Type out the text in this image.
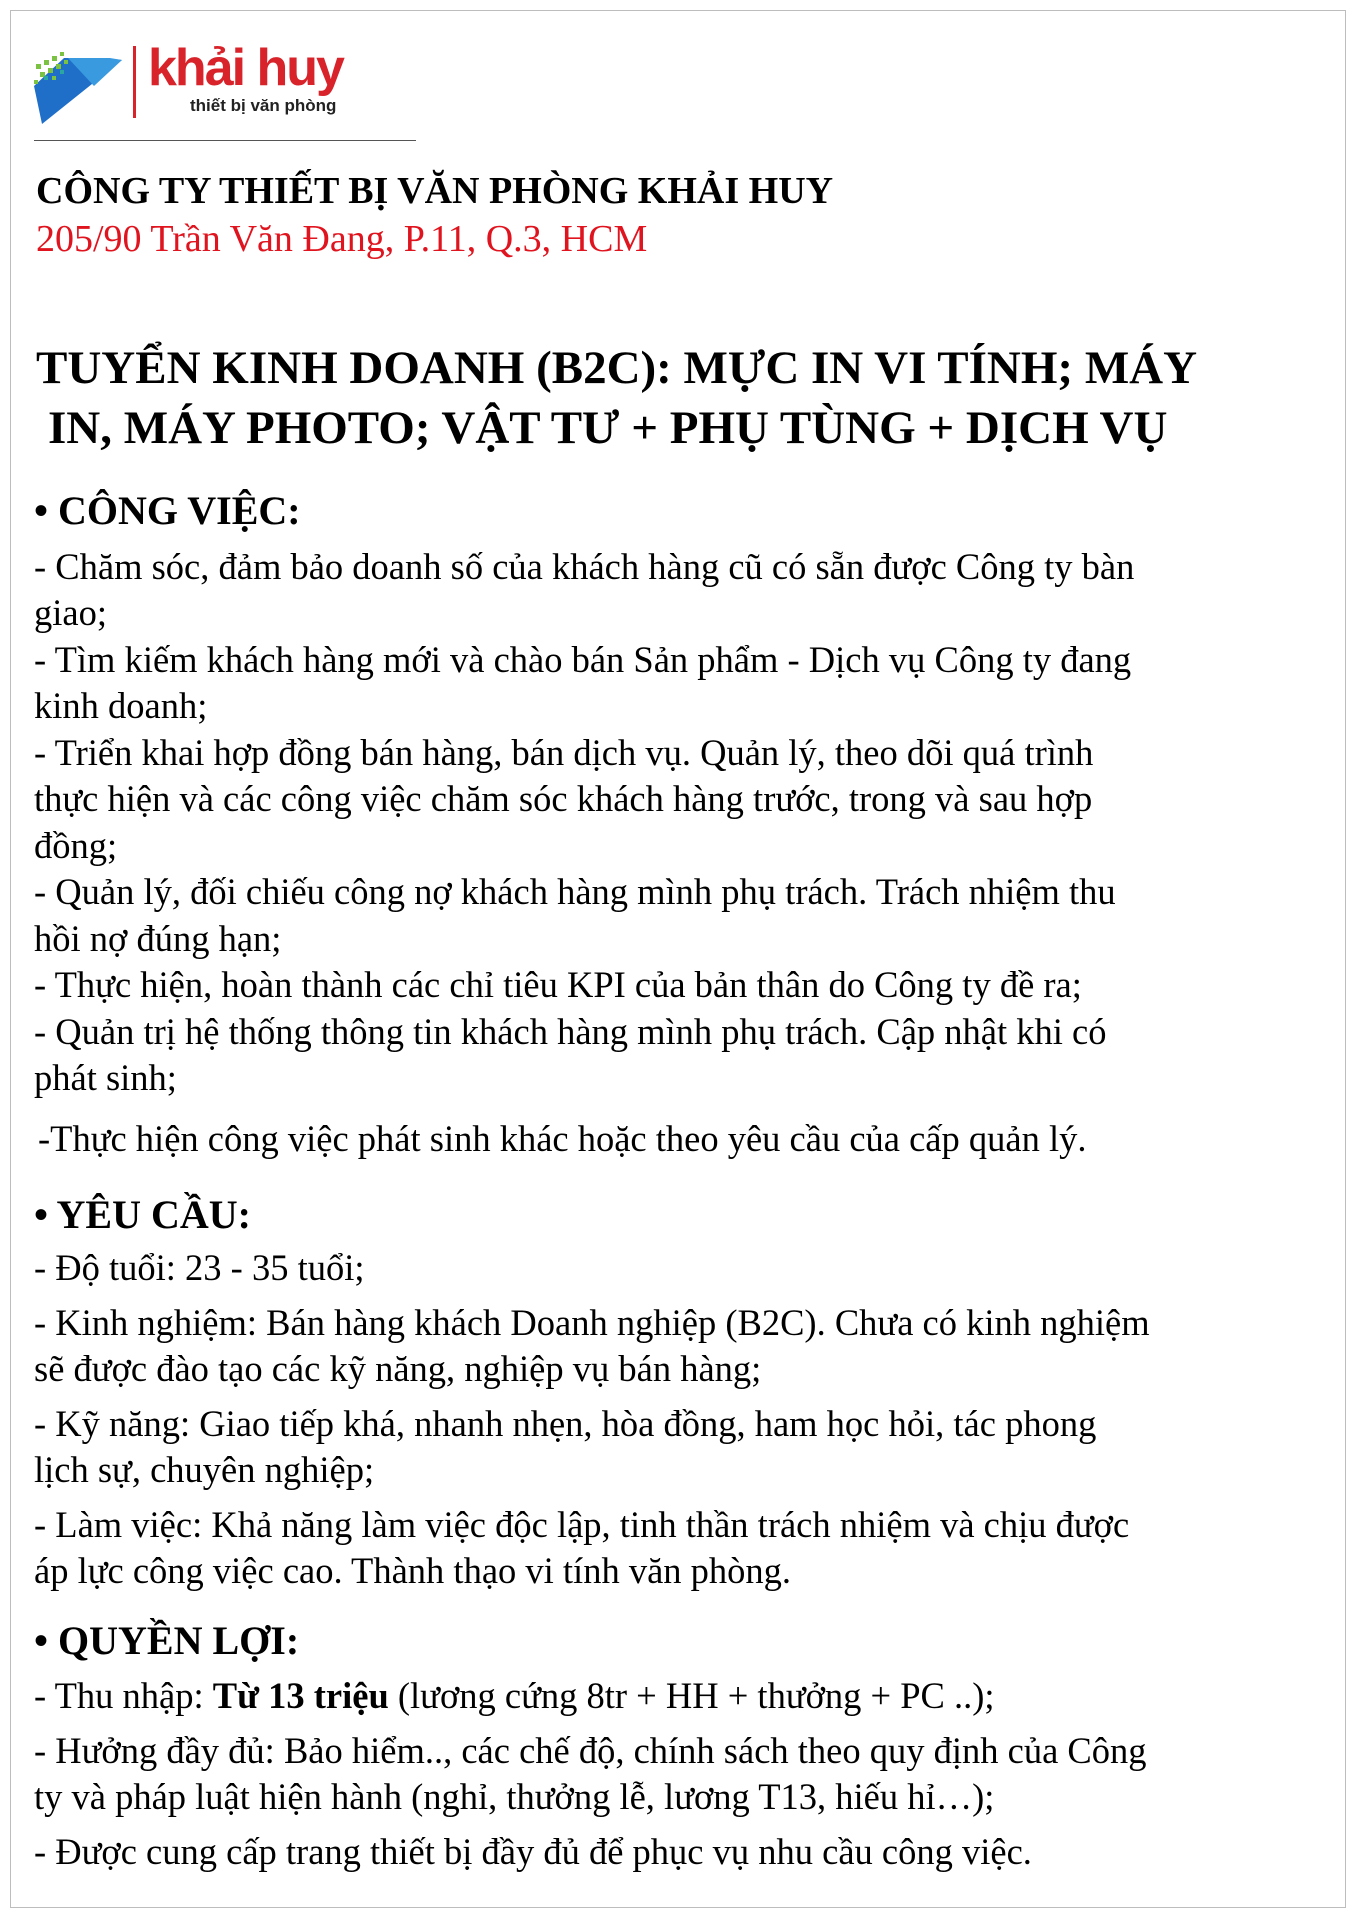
khải huy
thiết bị văn phòng
CÔNG TY THIẾT BỊ VĂN PHÒNG KHẢI HUY
205/90 Trần Văn Đang, P.11, Q.3, HCM
TUYỂN KINH DOANH (B2C): MỰC IN VI TÍNH; MÁY
IN, MÁY PHOTO; VẬT TƯ + PHỤ TÙNG + DỊCH VỤ
• CÔNG VIỆC:
- Chăm sóc, đảm bảo doanh số của khách hàng cũ có sẵn được Công ty bàn
giao;
- Tìm kiếm khách hàng mới và chào bán Sản phẩm - Dịch vụ Công ty đang
kinh doanh;
- Triển khai hợp đồng bán hàng, bán dịch vụ. Quản lý, theo dõi quá trình
thực hiện và các công việc chăm sóc khách hàng trước, trong và sau hợp
đồng;
- Quản lý, đối chiếu công nợ khách hàng mình phụ trách. Trách nhiệm thu
hồi nợ đúng hạn;
- Thực hiện, hoàn thành các chỉ tiêu KPI của bản thân do Công ty đề ra;
- Quản trị hệ thống thông tin khách hàng mình phụ trách. Cập nhật khi có
phát sinh;
-Thực hiện công việc phát sinh khác hoặc theo yêu cầu của cấp quản lý.
• YÊU CẦU:
- Độ tuổi: 23 - 35 tuổi;
- Kinh nghiệm: Bán hàng khách Doanh nghiệp (B2C). Chưa có kinh nghiệm
sẽ được đào tạo các kỹ năng, nghiệp vụ bán hàng;
- Kỹ năng: Giao tiếp khá, nhanh nhẹn, hòa đồng, ham học hỏi, tác phong
lịch sự, chuyên nghiệp;
- Làm việc: Khả năng làm việc độc lập, tinh thần trách nhiệm và chịu được
áp lực công việc cao. Thành thạo vi tính văn phòng.
• QUYỀN LỢI:
- Thu nhập: Từ 13 triệu (lương cứng 8tr + HH + thưởng + PC ..);
- Hưởng đầy đủ: Bảo hiểm.., các chế độ, chính sách theo quy định của Công
ty và pháp luật hiện hành (nghỉ, thưởng lễ, lương T13, hiếu hỉ…);
- Được cung cấp trang thiết bị đầy đủ để phục vụ nhu cầu công việc.
